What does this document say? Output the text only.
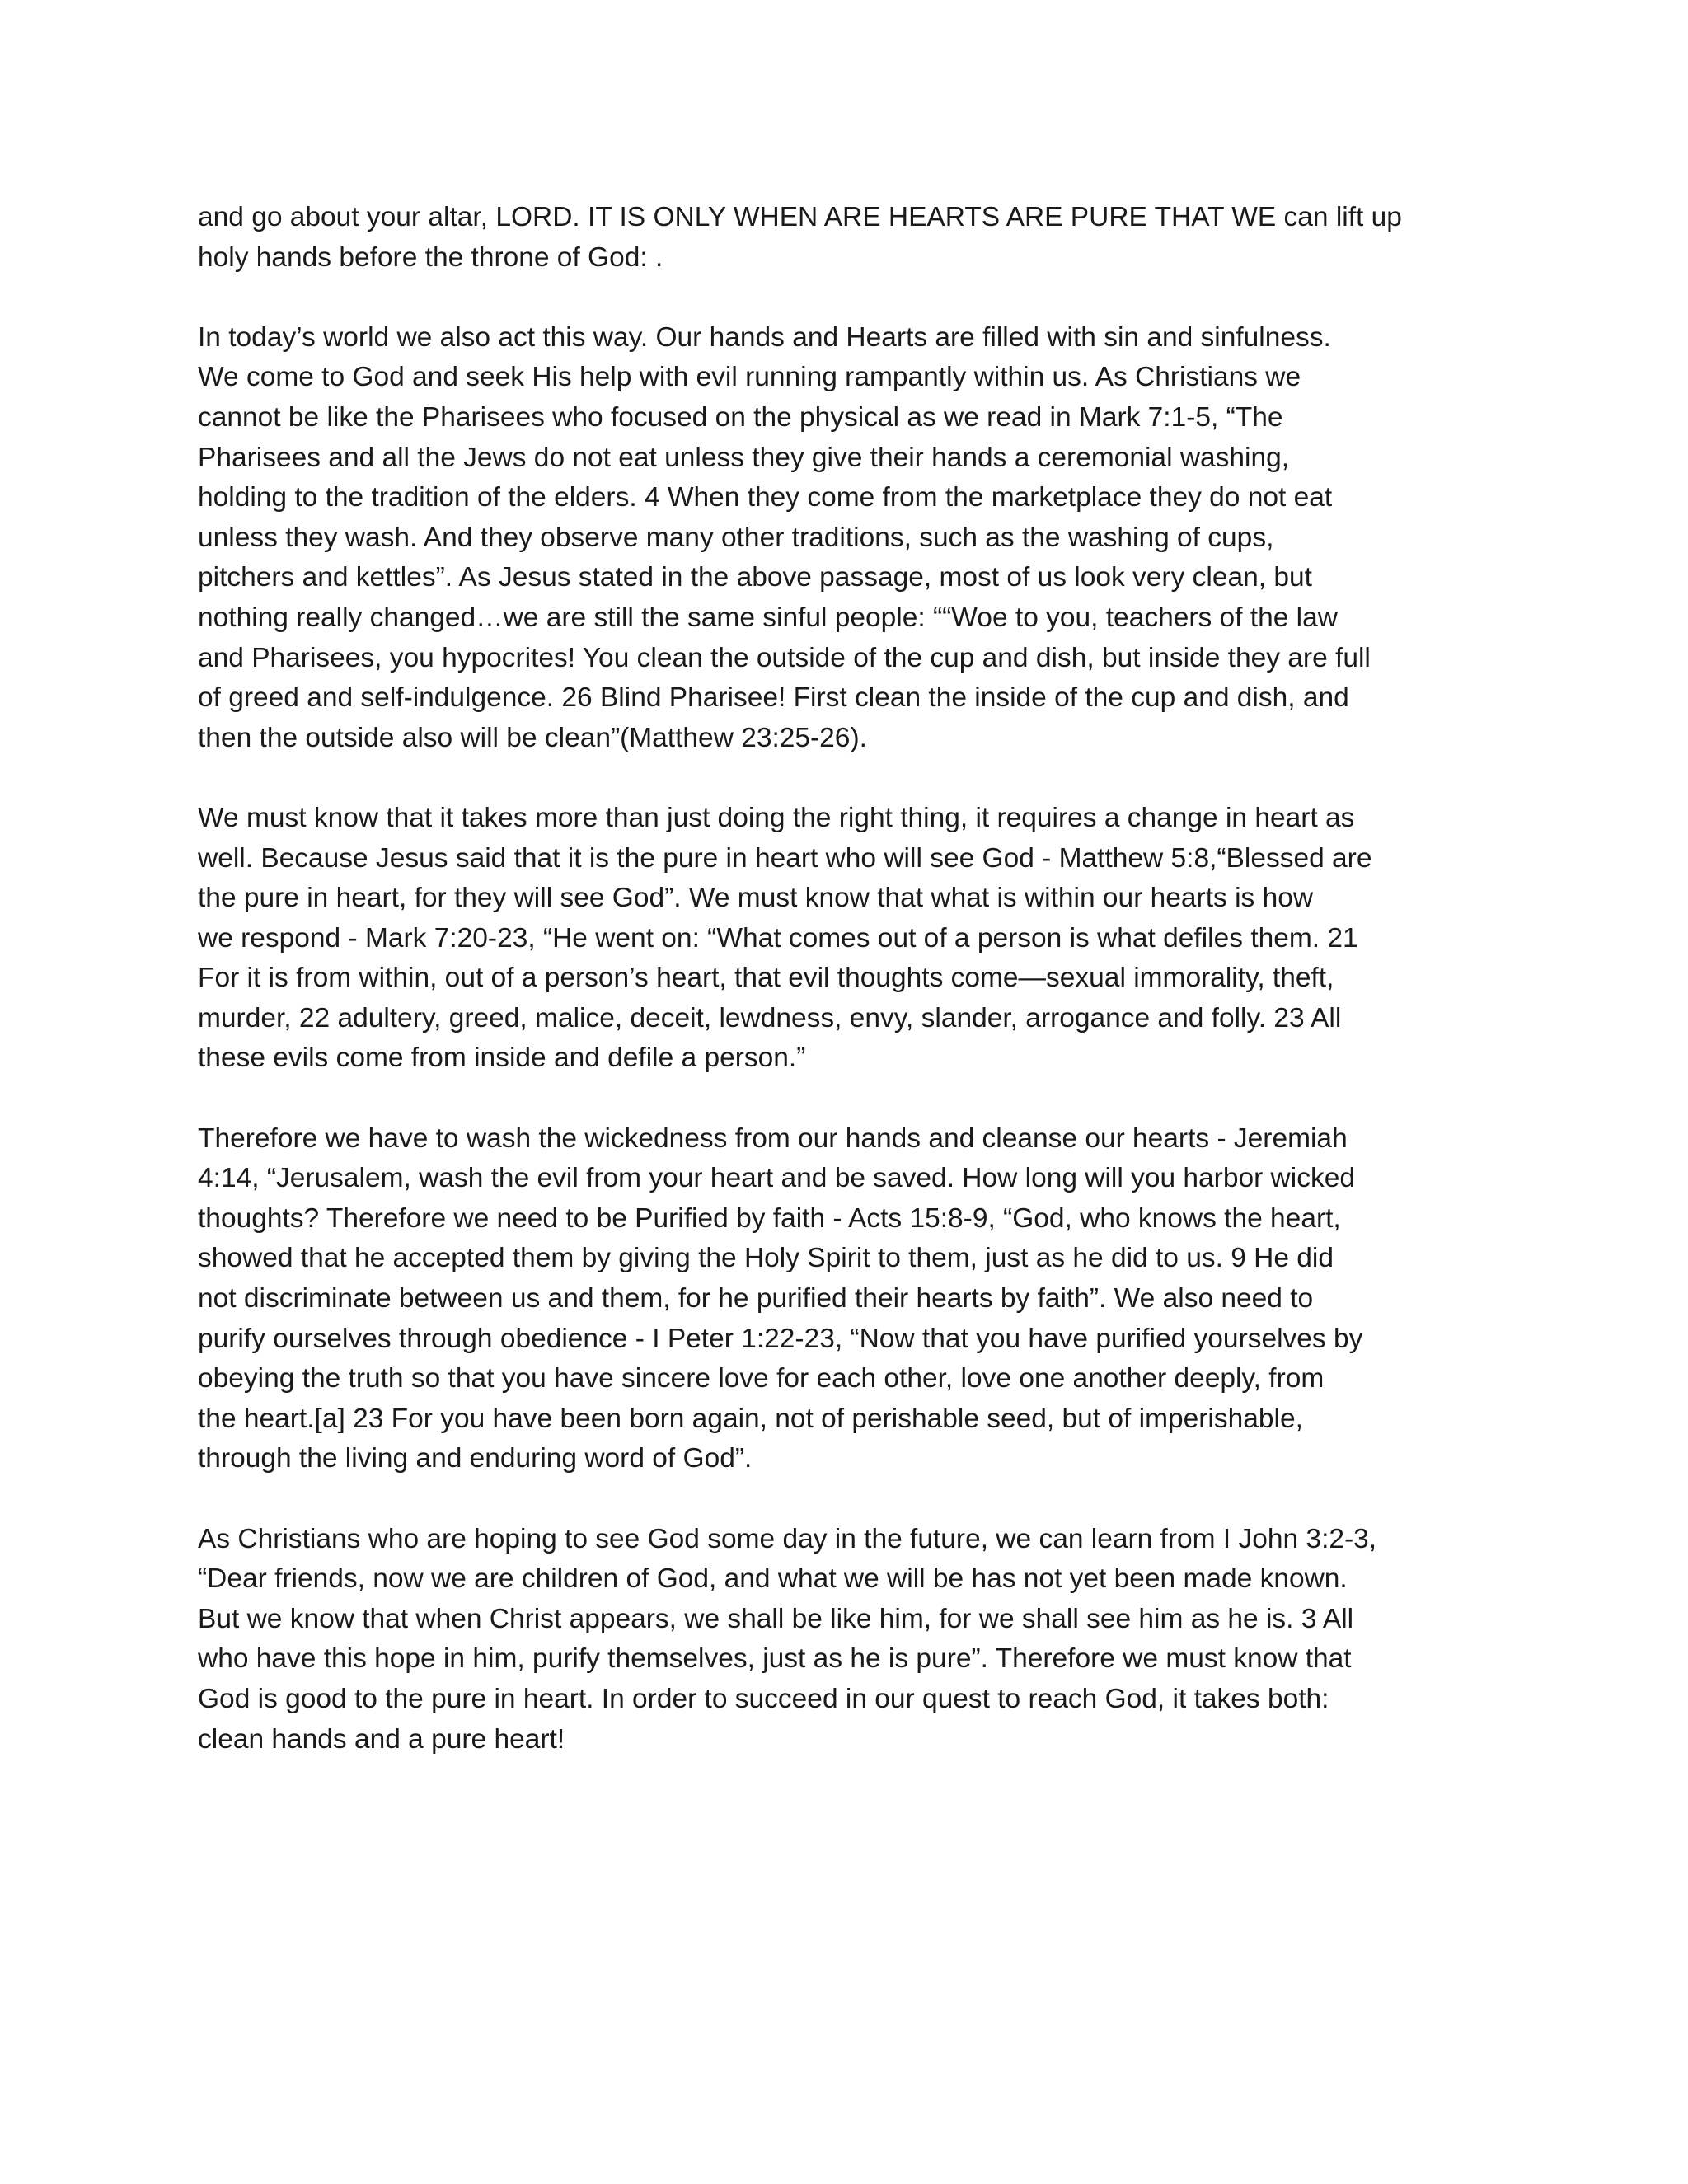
and go about your altar, LORD. IT IS ONLY WHEN ARE HEARTS ARE PURE THAT WE can lift up
holy hands before the throne of God: .
In today’s world we also act this way. Our hands and Hearts are filled with sin and sinfulness.
We come to God and seek His help with evil running rampantly within us. As Christians we
cannot be like the Pharisees who focused on the physical as we read in Mark 7:1-5, “The
Pharisees and all the Jews do not eat unless they give their hands a ceremonial washing,
holding to the tradition of the elders. 4 When they come from the marketplace they do not eat
unless they wash. And they observe many other traditions, such as the washing of cups,
pitchers and kettles”. As Jesus stated in the above passage, most of us look very clean, but
nothing really changed…we are still the same sinful people: ““Woe to you, teachers of the law
and Pharisees, you hypocrites! You clean the outside of the cup and dish, but inside they are full
of greed and self-indulgence. 26 Blind Pharisee! First clean the inside of the cup and dish, and
then the outside also will be clean”(Matthew 23:25-26).
We must know that it takes more than just doing the right thing, it requires a change in heart as
well. Because Jesus said that it is the pure in heart who will see God - Matthew 5:8,“Blessed are
the pure in heart, for they will see God”. We must know that what is within our hearts is how
we respond - Mark 7:20-23, “He went on: “What comes out of a person is what defiles them. 21
For it is from within, out of a person’s heart, that evil thoughts come—sexual immorality, theft,
murder, 22 adultery, greed, malice, deceit, lewdness, envy, slander, arrogance and folly. 23 All
these evils come from inside and defile a person.”
Therefore we have to wash the wickedness from our hands and cleanse our hearts - Jeremiah
4:14, “Jerusalem, wash the evil from your heart and be saved. How long will you harbor wicked
thoughts? Therefore we need to be Purified by faith - Acts 15:8-9, “God, who knows the heart,
showed that he accepted them by giving the Holy Spirit to them, just as he did to us. 9 He did
not discriminate between us and them, for he purified their hearts by faith”. We also need to
purify ourselves through obedience - I Peter 1:22-23, “Now that you have purified yourselves by
obeying the truth so that you have sincere love for each other, love one another deeply, from
the heart.[a] 23 For you have been born again, not of perishable seed, but of imperishable,
through the living and enduring word of God”.
As Christians who are hoping to see God some day in the future, we can learn from I John 3:2-3,
“Dear friends, now we are children of God, and what we will be has not yet been made known.
But we know that when Christ appears, we shall be like him, for we shall see him as he is. 3 All
who have this hope in him, purify themselves, just as he is pure”. Therefore we must know that
God is good to the pure in heart. In order to succeed in our quest to reach God, it takes both:
clean hands and a pure heart!
